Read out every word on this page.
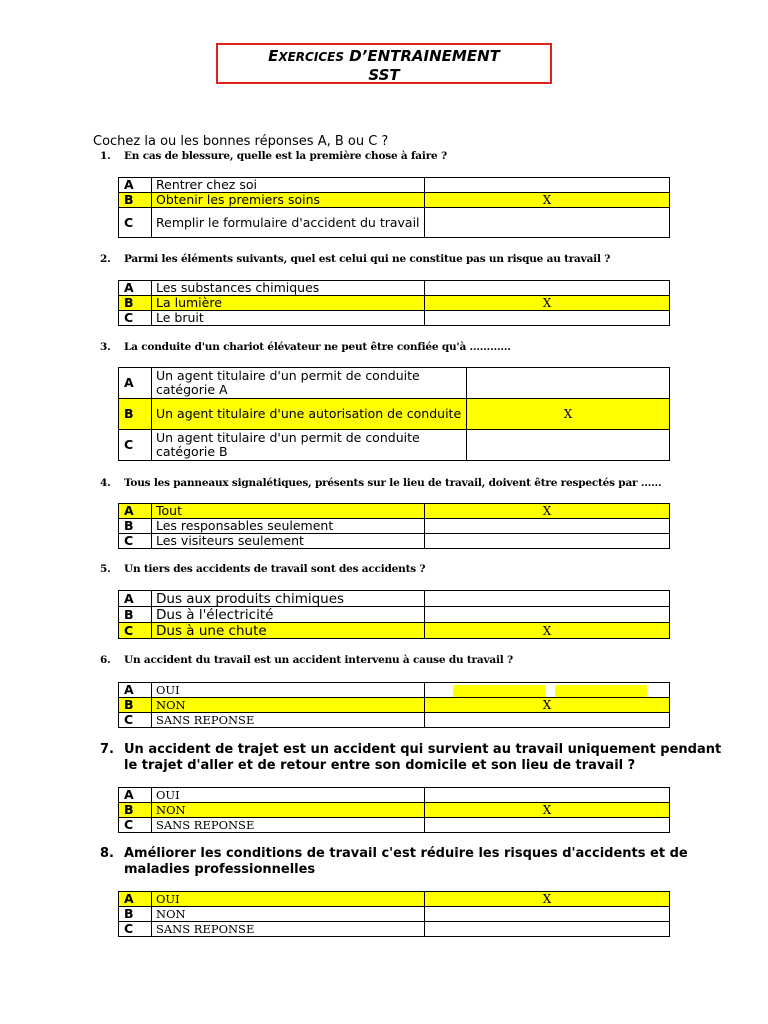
EXERCICES D’ENTRAINEMENT
SST
Cochez la ou les bonnes réponses A, B ou C ?
1.	En cas de blessure, quelle est la première chose à faire ?
A	Rentrer chez soi	
B	Obtenir les premiers soins	X
C	Remplir le formulaire d'accident du travail	
2.	Parmi les éléments suivants, quel est celui qui ne constitue pas un risque au travail ?
A	Les substances chimiques	
B	La lumière	X
C	Le bruit	
3.	La conduite d'un chariot élévateur ne peut être confiée qu'à …………
A	Un agent titulaire d'un permit de conduite catégorie A	
B	Un agent titulaire d'une autorisation de conduite	X
C	Un agent titulaire d'un permit de conduite catégorie B	
4.	Tous les panneaux signalétiques, présents sur le lieu de travail, doivent être respectés par ……
A	Tout	X
B	Les responsables seulement	
C	Les visiteurs seulement	
5.	Un tiers des accidents de travail sont des accidents ?
A	Dus aux produits chimiques	
B	Dus à l'électricité	
C	Dus à une chute	X
6.	Un accident du travail est un accident intervenu à cause du travail ?
A	OUI	
B	NON	X
C	SANS REPONSE	
7. Un accident de trajet est un accident qui survient au travail uniquement pendant le trajet d'aller et de retour entre son domicile et son lieu de travail ?
A	OUI	
B	NON	X
C	SANS REPONSE	
8. Améliorer les conditions de travail c'est réduire les risques d'accidents et de maladies professionnelles
A	OUI	X
B	NON	
C	SANS REPONSE	
